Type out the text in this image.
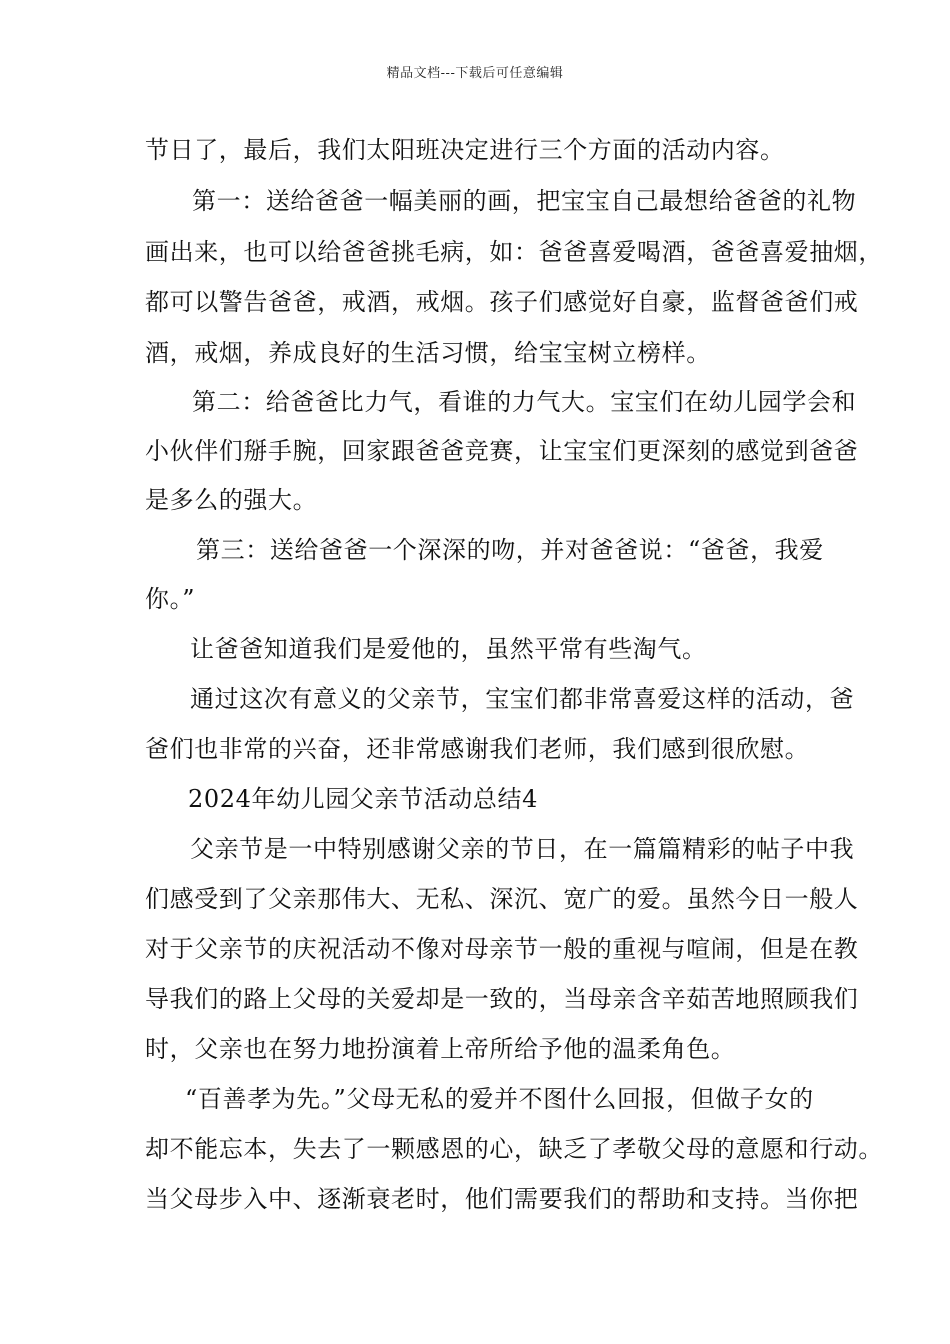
精品文档---下载后可任意编辑
节日了，最后，我们太阳班决定进行三个方面的活动内容。
第一：送给爸爸一幅美丽的画，把宝宝自己最想给爸爸的礼物
画出来，也可以给爸爸挑毛病，如：爸爸喜爱喝酒，爸爸喜爱抽烟，
都可以警告爸爸，戒酒，戒烟。孩子们感觉好自豪，监督爸爸们戒
酒，戒烟，养成良好的生活习惯，给宝宝树立榜样。
第二：给爸爸比力气，看谁的力气大。宝宝们在幼儿园学会和
小伙伴们掰手腕，回家跟爸爸竞赛，让宝宝们更深刻的感觉到爸爸
是多么的强大。
第三：送给爸爸一个深深的吻，并对爸爸说：“爸爸，我爱
你。”
让爸爸知道我们是爱他的，虽然平常有些淘气。
通过这次有意义的父亲节，宝宝们都非常喜爱这样的活动，爸
爸们也非常的兴奋，还非常感谢我们老师，我们感到很欣慰。
2024年幼儿园父亲节活动总结4
父亲节是一中特别感谢父亲的节日，在一篇篇精彩的帖子中我
们感受到了父亲那伟大、无私、深沉、宽广的爱。虽然今日一般人
对于父亲节的庆祝活动不像对母亲节一般的重视与喧闹，但是在教
导我们的路上父母的关爱却是一致的，当母亲含辛茹苦地照顾我们
时，父亲也在努力地扮演着上帝所给予他的温柔角色。
“百善孝为先。”父母无私的爱并不图什么回报，但做子女的
却不能忘本，失去了一颗感恩的心，缺乏了孝敬父母的意愿和行动。
当父母步入中、逐渐衰老时，他们需要我们的帮助和支持。当你把
